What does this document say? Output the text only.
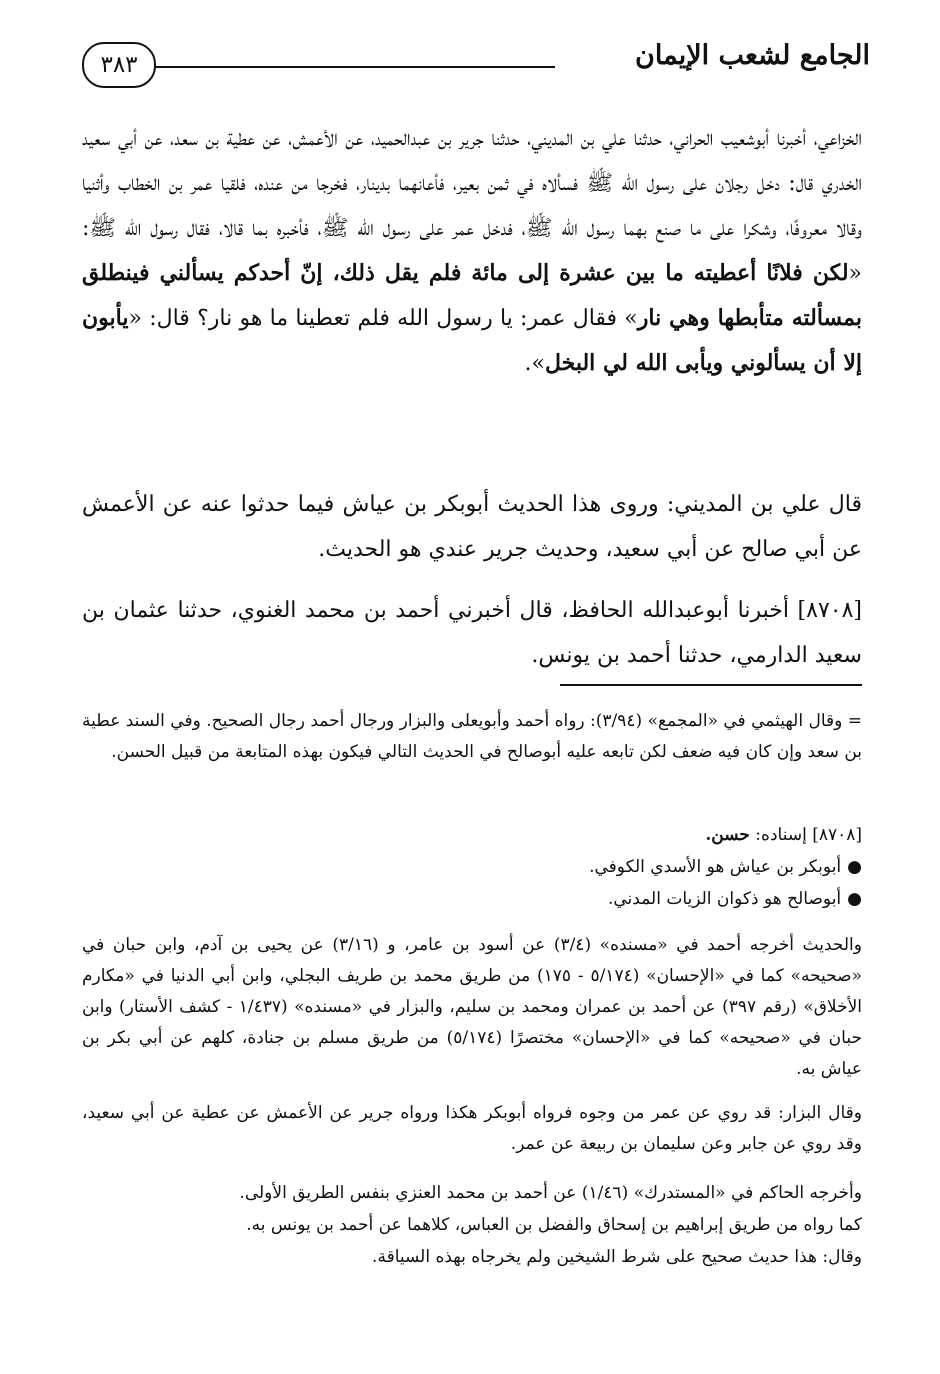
٣٨٣	الجامع لشعب الإيمان

الخزاعي، أخبرنا أبوشعيب الحراني، حدثنا علي بن المديني، حدثنا جرير بن عبدالحميد، عن الأعمش، عن عطية بن سعد، عن أبي سعيد الخدري قال: دخل رجلان على رسول الله ﷺ فسألاه في ثمن بعير، فأعانهما بدينار، فخرجا من عنده، فلقيا عمر بن الخطاب وأثنيا وقالا معروفًا، وشكرا على ما صنع بهما رسول الله ﷺ، فدخل عمر على رسول الله ﷺ، فأخبره بما قالا، فقال رسول الله ﷺ: «لكن فلانًا أعطيته ما بين عشرة إلى مائة فلم يقل ذلك، إنّ أحدكم يسألني فينطلق بمسألته متأبطها وهي نار» فقال عمر: يا رسول الله فلم تعطينا ما هو نار؟ قال: «يأبون إلا أن يسألوني ويأبى الله لي البخل».

قال علي بن المديني: وروى هذا الحديث أبوبكر بن عياش فيما حدثوا عنه عن الأعمش عن أبي صالح عن أبي سعيد، وحديث جرير عندي هو الحديث.

[٨٧٠٨] أخبرنا أبوعبدالله الحافظ، قال أخبرني أحمد بن محمد الغنوي، حدثنا عثمان بن سعيد الدارمي، حدثنا أحمد بن يونس.

= وقال الهيثمي في «المجمع» (٣/٩٤): رواه أحمد وأبويعلى والبزار ورجال أحمد رجال الصحيح. وفي السند عطية بن سعد وإن كان فيه ضعف لكن تابعه عليه أبوصالح في الحديث التالي فيكون بهذه المتابعة من قبيل الحسن.

[٨٧٠٨] إسناده: حسن.

●أبوبكر بن عياش هو الأسدي الكوفي.

●أبوصالح هو ذكوان الزيات المدني.

والحديث أخرجه أحمد في «مسنده» (٣/٤) عن أسود بن عامر، و (٣/١٦) عن يحيى بن آدم، وابن حبان في «صحيحه» كما في «الإحسان» (٥/١٧٤ - ١٧٥) من طريق محمد بن طريف البجلي، وابن أبي الدنيا في «مكارم الأخلاق» (رقم ٣٩٧) عن أحمد بن عمران ومحمد بن سليم، والبزار في «مسنده» (١/٤٣٧ - كشف الأستار) وابن حبان في «صحيحه» كما في «الإحسان» مختصرًا (٥/١٧٤) من طريق مسلم بن جنادة، كلهم عن أبي بكر بن عياش به.

وقال البزار: قد روي عن عمر من وجوه فرواه أبوبكر هكذا ورواه جرير عن الأعمش عن عطية عن أبي سعيد، وقد روي عن جابر وعن سليمان بن ربيعة عن عمر.

وأخرجه الحاكم في «المستدرك» (١/٤٦) عن أحمد بن محمد العنزي بنفس الطريق الأولى.

كما رواه من طريق إبراهيم بن إسحاق والفضل بن العباس، كلاهما عن أحمد بن يونس به.

وقال: هذا حديث صحيح على شرط الشيخين ولم يخرجاه بهذه السياقة.
